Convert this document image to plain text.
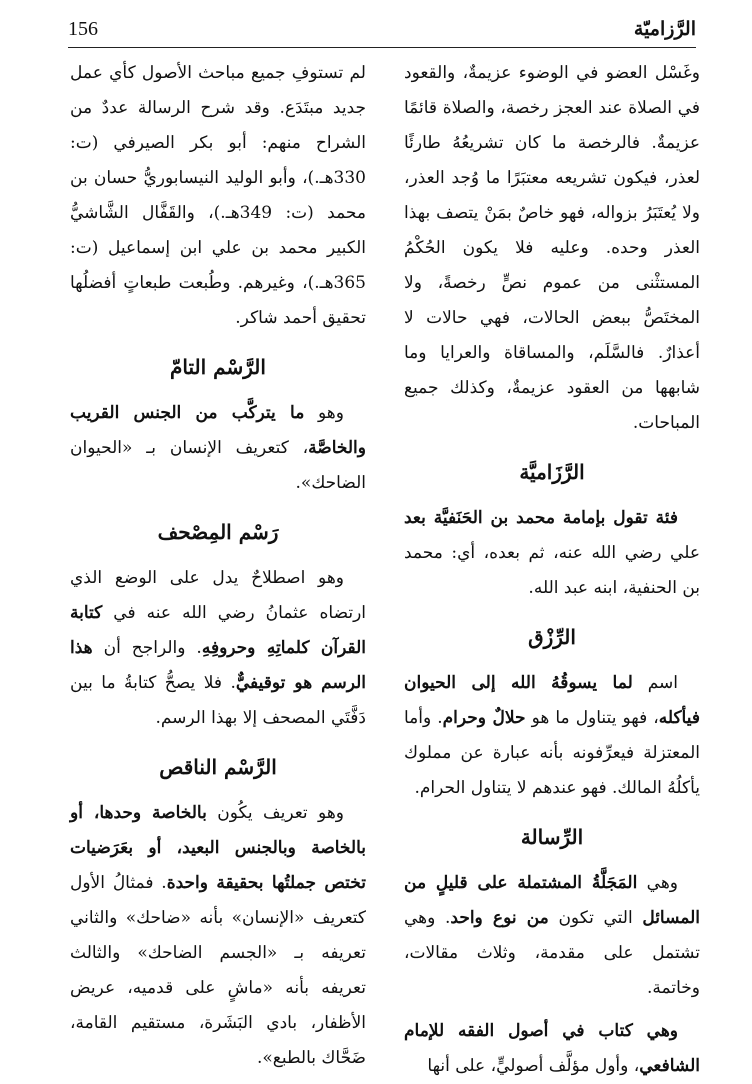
156	الرَّزاميّة

وغَسْل العضو في الوضوء عزيمةٌ، والقعود في الصلاة عند العجز رخصة، والصلاة قائمًا عزيمةٌ. فالرخصة ما كان تشريعُهُ طارئًا لعذر، فيكون تشريعه معتبَرًا ما وُجد العذر، ولا يُعتَبَرُ بزواله، فهو خاصٌ بمَنْ يتصف بهذا العذر وحده. وعليه فلا يكون الحُكْمُ المستثْنى من عموم نصٍّ رخصةً، ولا المختَصُّ ببعض الحالات، فهي حالات لا أعذارٌ. فالسَّلَم، والمساقاة والعرايا وما شابهها من العقود عزيمةٌ، وكذلك جميع المباحات.

الرَّزَاميَّة

فئة تقول بإمامة محمد بن الحَنَفيَّة بعد علي رضي الله عنه، ثم بعده، أي: محمد بن الحنفية، ابنه عبد الله.

الرِّزْق

اسم لما يسوقُهُ الله إلى الحيوان فيأكله، فهو يتناول ما هو حلالٌ وحرام. وأما المعتزلة فيعرِّفونه بأنه عبارة عن مملوك يأكلُهُ المالك. فهو عندهم لا يتناول الحرام.

الرِّسالة

وهي المَجَلَّةُ المشتملة على قليلٍ من المسائل التي تكون من نوع واحد. وهي تشتمل على مقدمة، وثلاث مقالات، وخاتمة.

وهي كتاب في أصول الفقه للإمام الشافعي، وأول مؤلَّف أصوليٍّ، على أنها

لم تستوفِ جميع مباحث الأصول كأي عمل جديد مبتَدَع. وقد شرح الرسالة عددٌ من الشراح منهم: أبو بكر الصيرفي (ت: 330هـ.)، وأبو الوليد النيسابوريُّ حسان بن محمد (ت: 349هـ.)، والقَفَّال الشَّاشيُّ الكبير محمد بن علي ابن إسماعيل (ت: 365هـ.)، وغيرهم. وطُبعت طبعاتٍ أفضلُها تحقيق أحمد شاكر.

الرَّسْم التامّ

وهو ما يتركَّب من الجنس القريب والخاصَّة، كتعريف الإنسان بـ «الحيوان الضاحك».

رَسْم المِصْحف

وهو اصطلاحٌ يدل على الوضع الذي ارتضاه عثمانُ رضي الله عنه في كتابة القرآن كلماتِهِ وحروفِهِ. والراجح أن هذا الرسم هو توقيفيٌّ. فلا يصحُّ كتابةُ ما بين دَفَّتَي المصحف إلا بهذا الرسم.

الرَّسْم الناقص

وهو تعريف يكُون بالخاصة وحدها، أو بالخاصة وبالجنس البعيد، أو بعَرَضيات تختص جملتُها بحقيقة واحدة. فمثالُ الأول كتعريف «الإنسان» بأنه «ضاحك» والثاني تعريفه بـ «الجسم الضاحك» والثالث تعريفه بأنه «ماشٍ على قدميه، عريض الأظفار، بادي البَشَرة، مستقيم القامة، ضَحَّاك بالطبع».
